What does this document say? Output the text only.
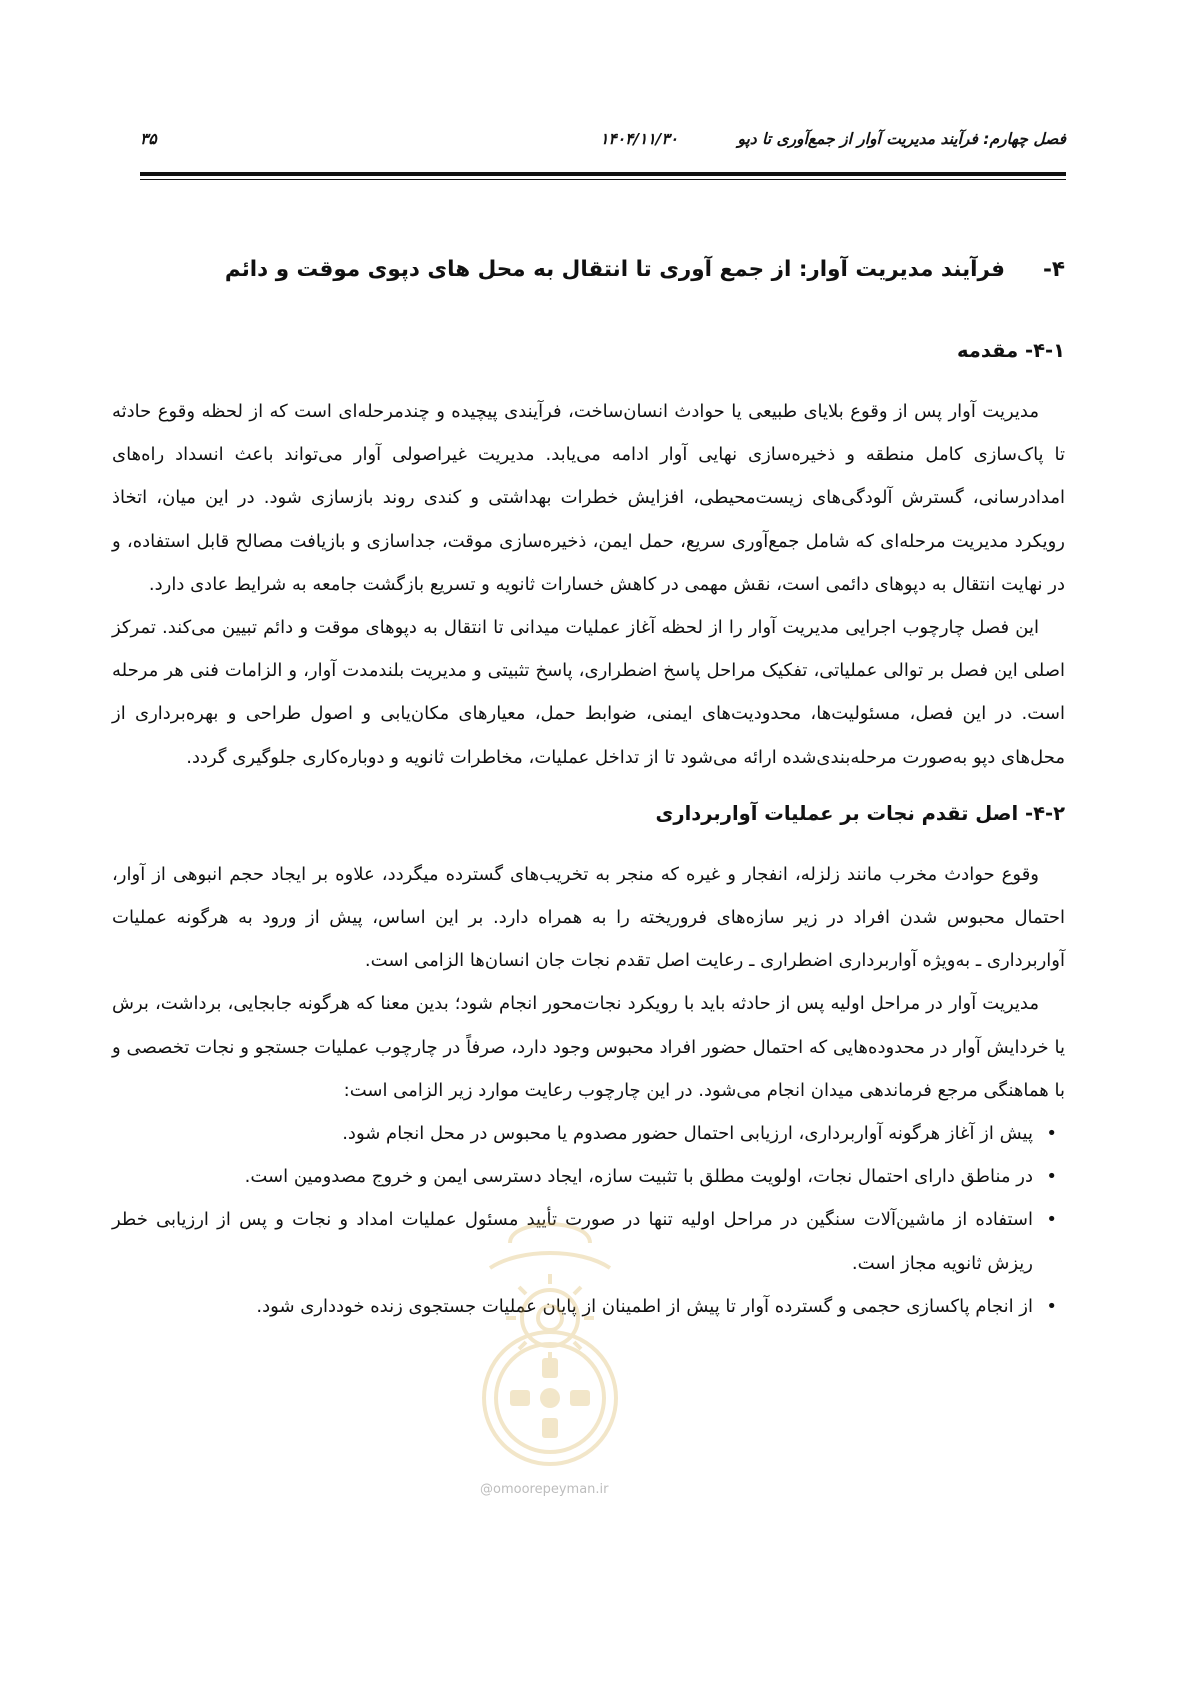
فصل چهارم: فرآیند مدیریت آوار از جمع‌آوری تا دپو
۱۴۰۴/۱۱/۳۰
۳۵
۴-
فرآیند مدیریت آوار: از جمع آوری تا انتقال به محل های دپوی موقت و دائم
۴-۱- مقدمه

مدیریت آوار پس از وقوع بلایای طبیعی یا حوادث انسان‌ساخت، فرآیندی پیچیده و چندمرحله‌ای است که از لحظه وقوع حادثه تا پاک‌سازی کامل منطقه و ذخیره‌سازی نهایی آوار ادامه می‌یابد. مدیریت غیراصولی آوار می‌تواند باعث انسداد راه‌های امدادرسانی، گسترش آلودگی‌های زیست‌محیطی، افزایش خطرات بهداشتی و کندی روند بازسازی شود. در این میان، اتخاذ رویکرد مدیریت مرحله‌ای که شامل جمع‌آوری سریع، حمل ایمن، ذخیره‌سازی موقت، جداسازی و بازیافت مصالح قابل استفاده، و در نهایت انتقال به دپوهای دائمی است، نقش مهمی در کاهش خسارات ثانویه و تسریع بازگشت جامعه به شرایط عادی دارد.

این فصل چارچوب اجرایی مدیریت آوار را از لحظه آغاز عملیات میدانی تا انتقال به دپوهای موقت و دائم تبیین می‌کند. تمرکز اصلی این فصل بر توالی عملیاتی، تفکیک مراحل پاسخ اضطراری، پاسخ تثبیتی و مدیریت بلندمدت آوار، و الزامات فنی هر مرحله است. در این فصل، مسئولیت‌ها، محدودیت‌های ایمنی، ضوابط حمل، معیارهای مکان‌یابی و اصول طراحی و بهره‌برداری از محل‌های دپو به‌صورت مرحله‌بندی‌شده ارائه می‌شود تا از تداخل عملیات، مخاطرات ثانویه و دوباره‌کاری جلوگیری گردد.

۴-۲- اصل تقدم نجات بر عملیات آواربرداری

وقوع حوادث مخرب مانند زلزله، انفجار و غیره که منجر به تخریب‌های گسترده میگردد، علاوه بر ایجاد حجم انبوهی از آوار، احتمال محبوس شدن افراد در زیر سازه‌های فروریخته را به همراه دارد. بر این اساس، پیش از ورود به هرگونه عملیات آواربرداری ـ به‌ویژه آواربرداری اضطراری ـ رعایت اصل تقدم نجات جان انسان‌ها الزامی است.

مدیریت آوار در مراحل اولیه پس از حادثه باید با رویکرد نجات‌محور انجام شود؛ بدین معنا که هرگونه جابجایی، برداشت، برش یا خردایش آوار در محدوده‌هایی که احتمال حضور افراد محبوس وجود دارد، صرفاً در چارچوب عملیات جستجو و نجات تخصصی و با هماهنگی مرجع فرماندهی میدان انجام می‌شود. در این چارچوب رعایت موارد زیر الزامی است:

•
پیش از آغاز هرگونه آواربرداری، ارزیابی احتمال حضور مصدوم یا محبوس در محل انجام شود.
•
در مناطق دارای احتمال نجات، اولویت مطلق با تثبیت سازه، ایجاد دسترسی ایمن و خروج مصدومین است.
•
استفاده از ماشین‌آلات سنگین در مراحل اولیه تنها در صورت تأیید مسئول عملیات امداد و نجات و پس از ارزیابی خطر ریزش ثانویه مجاز است.
•
از انجام پاکسازی حجمی و گسترده آوار تا پیش از اطمینان از پایان عملیات جستجوی زنده خودداری شود.
@omoorepeyman.ir
